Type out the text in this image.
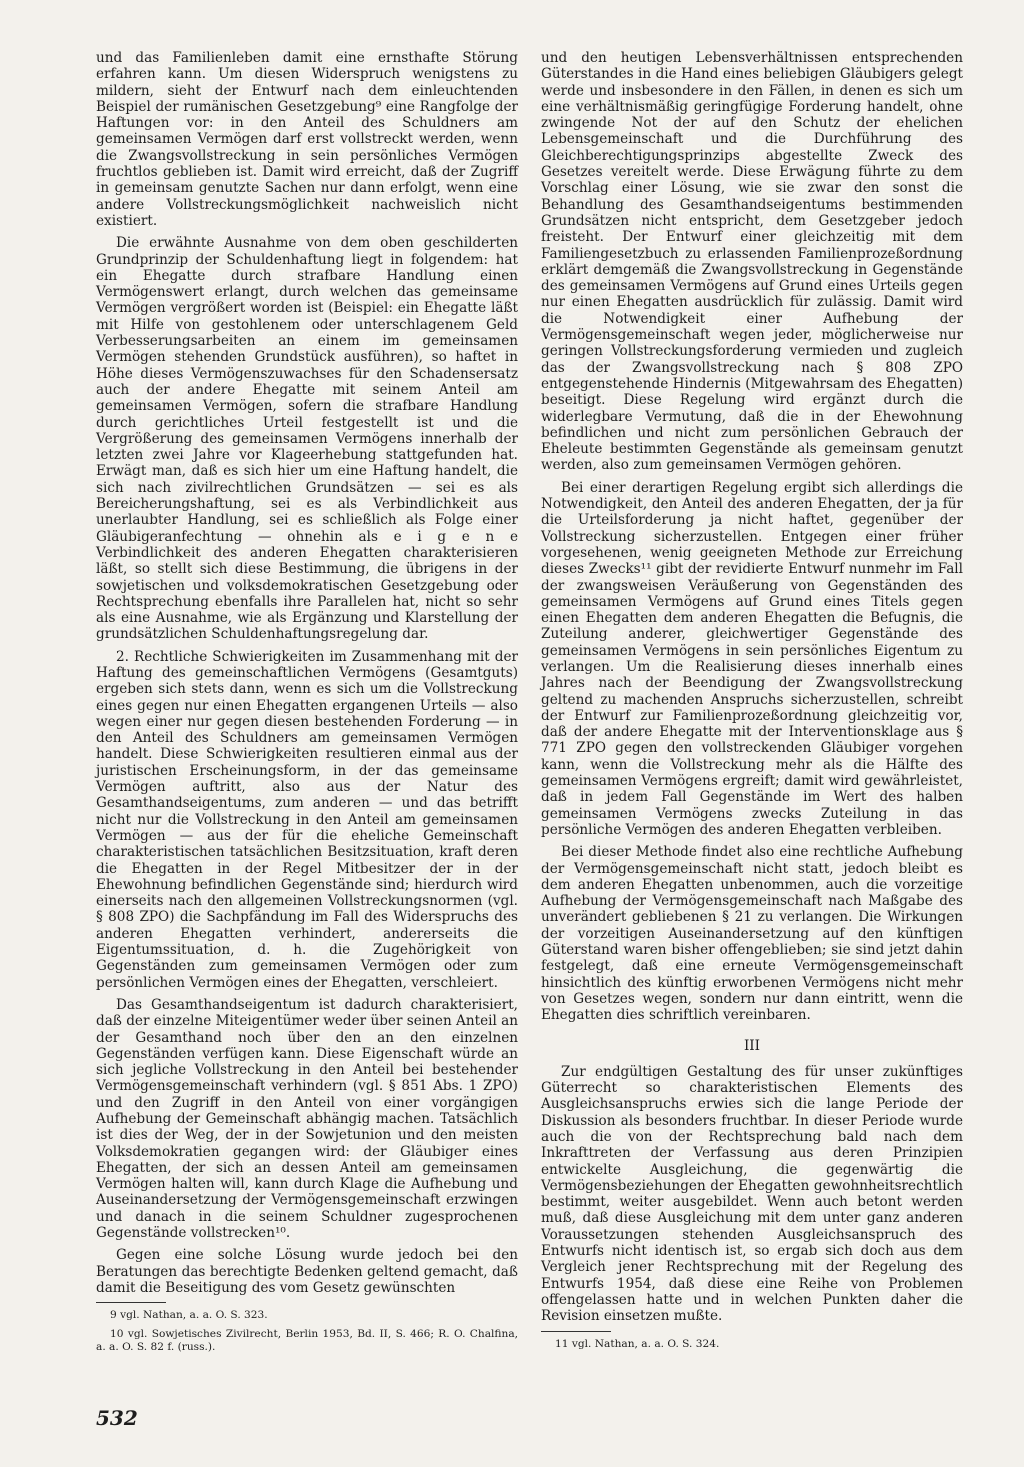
und das Familienleben damit eine ernsthafte Störung erfahren kann. Um diesen Widerspruch wenigstens zu mildern, sieht der Entwurf nach dem einleuchtenden Beispiel der rumänischen Gesetzgebung⁹ eine Rangfolge der Haftungen vor: in den Anteil des Schuldners am gemeinsamen Vermögen darf erst vollstreckt werden, wenn die Zwangsvollstreckung in sein persönliches Vermögen fruchtlos geblieben ist. Damit wird erreicht, daß der Zugriff in gemeinsam genutzte Sachen nur dann erfolgt, wenn eine andere Vollstreckungsmöglichkeit nachweislich nicht existiert.

Die erwähnte Ausnahme von dem oben geschilderten Grundprinzip der Schuldenhaftung liegt in folgendem: hat ein Ehegatte durch strafbare Handlung einen Vermögenswert erlangt, durch welchen das gemeinsame Vermögen vergrößert worden ist (Beispiel: ein Ehegatte läßt mit Hilfe von gestohlenem oder unterschlagenem Geld Verbesserungsarbeiten an einem im gemeinsamen Vermögen stehenden Grundstück ausführen), so haftet in Höhe dieses Vermögenszuwachses für den Schadensersatz auch der andere Ehegatte mit seinem Anteil am gemeinsamen Vermögen, sofern die strafbare Handlung durch gerichtliches Urteil festgestellt ist und die Vergrößerung des gemeinsamen Vermögens innerhalb der letzten zwei Jahre vor Klageerhebung stattgefunden hat. Erwägt man, daß es sich hier um eine Haftung handelt, die sich nach zivilrechtlichen Grundsätzen — sei es als Bereicherungshaftung, sei es als Verbindlichkeit aus unerlaubter Handlung, sei es schließlich als Folge einer Gläubigeranfechtung — ohnehin als e i g e n e Verbindlichkeit des anderen Ehegatten charakterisieren läßt, so stellt sich diese Bestimmung, die übrigens in der sowjetischen und volksdemokratischen Gesetzgebung oder Rechtsprechung ebenfalls ihre Parallelen hat, nicht so sehr als eine Ausnahme, wie als Ergänzung und Klarstellung der grundsätzlichen Schuldenhaftungsregelung dar.

2. Rechtliche Schwierigkeiten im Zusammenhang mit der Haftung des gemeinschaftlichen Vermögens (Gesamtguts) ergeben sich stets dann, wenn es sich um die Vollstreckung eines gegen nur einen Ehegatten ergangenen Urteils — also wegen einer nur gegen diesen bestehenden Forderung — in den Anteil des Schuldners am gemeinsamen Vermögen handelt. Diese Schwierigkeiten resultieren einmal aus der juristischen Erscheinungsform, in der das gemeinsame Vermögen auftritt, also aus der Natur des Gesamthandseigentums, zum anderen — und das betrifft nicht nur die Vollstreckung in den Anteil am gemeinsamen Vermögen — aus der für die eheliche Gemeinschaft charakteristischen tatsächlichen Besitzsituation, kraft deren die Ehegatten in der Regel Mitbesitzer der in der Ehewohnung befindlichen Gegenstände sind; hierdurch wird einerseits nach den allgemeinen Vollstreckungsnormen (vgl. § 808 ZPO) die Sachpfändung im Fall des Widerspruchs des anderen Ehegatten verhindert, andererseits die Eigentumssituation, d. h. die Zugehörigkeit von Gegenständen zum gemeinsamen Vermögen oder zum persönlichen Vermögen eines der Ehegatten, verschleiert.

Das Gesamthandseigentum ist dadurch charakterisiert, daß der einzelne Miteigentümer weder über seinen Anteil an der Gesamthand noch über den an den einzelnen Gegenständen verfügen kann. Diese Eigenschaft würde an sich jegliche Vollstreckung in den Anteil bei bestehender Vermögensgemeinschaft verhindern (vgl. § 851 Abs. 1 ZPO) und den Zugriff in den Anteil von einer vorgängigen Aufhebung der Gemeinschaft abhängig machen. Tatsächlich ist dies der Weg, der in der Sowjetunion und den meisten Volksdemokratien gegangen wird: der Gläubiger eines Ehegatten, der sich an dessen Anteil am gemeinsamen Vermögen halten will, kann durch Klage die Aufhebung und Auseinandersetzung der Vermögensgemeinschaft erzwingen und danach in die seinem Schuldner zugesprochenen Gegenstände vollstrecken¹⁰.

Gegen eine solche Lösung wurde jedoch bei den Beratungen das berechtigte Bedenken geltend gemacht, daß damit die Beseitigung des vom Gesetz gewünschten

9 vgl. Nathan, a. a. O. S. 323.

10 vgl. Sowjetisches Zivilrecht, Berlin 1953, Bd. II, S. 466; R. O. Chalfina, a. a. O. S. 82 f. (russ.).

und den heutigen Lebensverhältnissen entsprechenden Güterstandes in die Hand eines beliebigen Gläubigers gelegt werde und insbesondere in den Fällen, in denen es sich um eine verhältnismäßig geringfügige Forderung handelt, ohne zwingende Not der auf den Schutz der ehelichen Lebensgemeinschaft und die Durchführung des Gleichberechtigungsprinzips abgestellte Zweck des Gesetzes vereitelt werde. Diese Erwägung führte zu dem Vorschlag einer Lösung, wie sie zwar den sonst die Behandlung des Gesamthandseigentums bestimmenden Grundsätzen nicht entspricht, dem Gesetzgeber jedoch freisteht. Der Entwurf einer gleichzeitig mit dem Familiengesetzbuch zu erlassenden Familienprozeßordnung erklärt demgemäß die Zwangsvollstreckung in Gegenstände des gemeinsamen Vermögens auf Grund eines Urteils gegen nur einen Ehegatten ausdrücklich für zulässig. Damit wird die Notwendigkeit einer Aufhebung der Vermögensgemeinschaft wegen jeder, möglicherweise nur geringen Vollstreckungsforderung vermieden und zugleich das der Zwangsvollstreckung nach § 808 ZPO entgegenstehende Hindernis (Mitgewahrsam des Ehegatten) beseitigt. Diese Regelung wird ergänzt durch die widerlegbare Vermutung, daß die in der Ehewohnung befindlichen und nicht zum persönlichen Gebrauch der Eheleute bestimmten Gegenstände als gemeinsam genutzt werden, also zum gemeinsamen Vermögen gehören.

Bei einer derartigen Regelung ergibt sich allerdings die Notwendigkeit, den Anteil des anderen Ehegatten, der ja für die Urteilsforderung ja nicht haftet, gegenüber der Vollstreckung sicherzustellen. Entgegen einer früher vorgesehenen, wenig geeigneten Methode zur Erreichung dieses Zwecks¹¹ gibt der revidierte Entwurf nunmehr im Fall der zwangsweisen Veräußerung von Gegenständen des gemeinsamen Vermögens auf Grund eines Titels gegen einen Ehegatten dem anderen Ehegatten die Befugnis, die Zuteilung anderer, gleichwertiger Gegenstände des gemeinsamen Vermögens in sein persönliches Eigentum zu verlangen. Um die Realisierung dieses innerhalb eines Jahres nach der Beendigung der Zwangsvollstreckung geltend zu machenden Anspruchs sicherzustellen, schreibt der Entwurf zur Familienprozeßordnung gleichzeitig vor, daß der andere Ehegatte mit der Interventionsklage aus § 771 ZPO gegen den vollstreckenden Gläubiger vorgehen kann, wenn die Vollstreckung mehr als die Hälfte des gemeinsamen Vermögens ergreift; damit wird gewährleistet, daß in jedem Fall Gegenstände im Wert des halben gemeinsamen Vermögens zwecks Zuteilung in das persönliche Vermögen des anderen Ehegatten verbleiben.

Bei dieser Methode findet also eine rechtliche Aufhebung der Vermögensgemeinschaft nicht statt, jedoch bleibt es dem anderen Ehegatten unbenommen, auch die vorzeitige Aufhebung der Vermögensgemeinschaft nach Maßgabe des unverändert gebliebenen § 21 zu verlangen. Die Wirkungen der vorzeitigen Auseinandersetzung auf den künftigen Güterstand waren bisher offengeblieben; sie sind jetzt dahin festgelegt, daß eine erneute Vermögensgemeinschaft hinsichtlich des künftig erworbenen Vermögens nicht mehr von Gesetzes wegen, sondern nur dann eintritt, wenn die Ehegatten dies schriftlich vereinbaren.

III

Zur endgültigen Gestaltung des für unser zukünftiges Güterrecht so charakteristischen Elements des Ausgleichsanspruchs erwies sich die lange Periode der Diskussion als besonders fruchtbar. In dieser Periode wurde auch die von der Rechtsprechung bald nach dem Inkrafttreten der Verfassung aus deren Prinzipien entwickelte Ausgleichung, die gegenwärtig die Vermögensbeziehungen der Ehegatten gewohnheitsrechtlich bestimmt, weiter ausgebildet. Wenn auch betont werden muß, daß diese Ausgleichung mit dem unter ganz anderen Voraussetzungen stehenden Ausgleichsanspruch des Entwurfs nicht identisch ist, so ergab sich doch aus dem Vergleich jener Rechtsprechung mit der Regelung des Entwurfs 1954, daß diese eine Reihe von Problemen offengelassen hatte und in welchen Punkten daher die Revision einsetzen mußte.

11 vgl. Nathan, a. a. O. S. 324.

532
